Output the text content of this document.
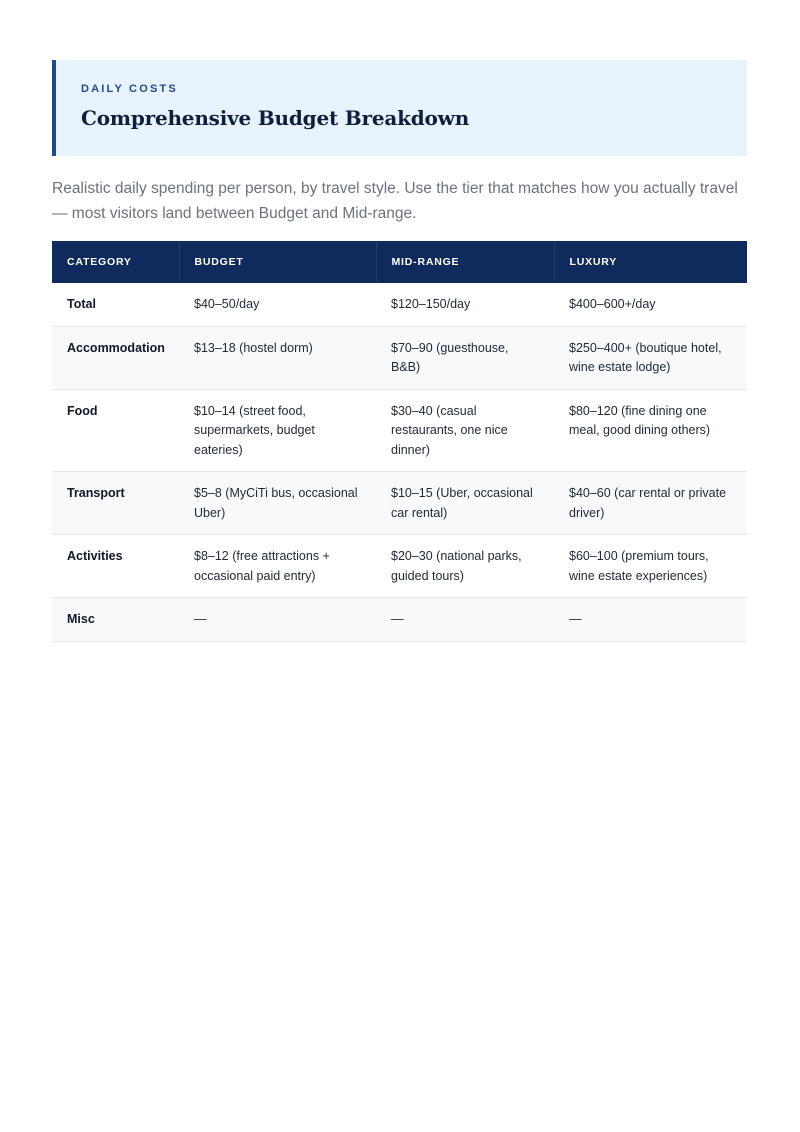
DAILY COSTS
Comprehensive Budget Breakdown

Realistic daily spending per person, by travel style. Use the tier that matches how you actually travel — most visitors land between Budget and Mid-range.

CATEGORY	BUDGET	MID-RANGE	LUXURY
Total	$40–50/day	$120–150/day	$400–600+/day
Accommodation	$13–18 (hostel dorm)	$70–90 (guesthouse, B&B)	$250–400+ (boutique hotel, wine estate lodge)
Food	$10–14 (street food, supermarkets, budget eateries)	$30–40 (casual restaurants, one nice dinner)	$80–120 (fine dining one meal, good dining others)
Transport	$5–8 (MyCiTi bus, occasional Uber)	$10–15 (Uber, occasional car rental)	$40–60 (car rental or private driver)
Activities	$8–12 (free attractions + occasional paid entry)	$20–30 (national parks, guided tours)	$60–100 (premium tours, wine estate experiences)
Misc	—	—	—
